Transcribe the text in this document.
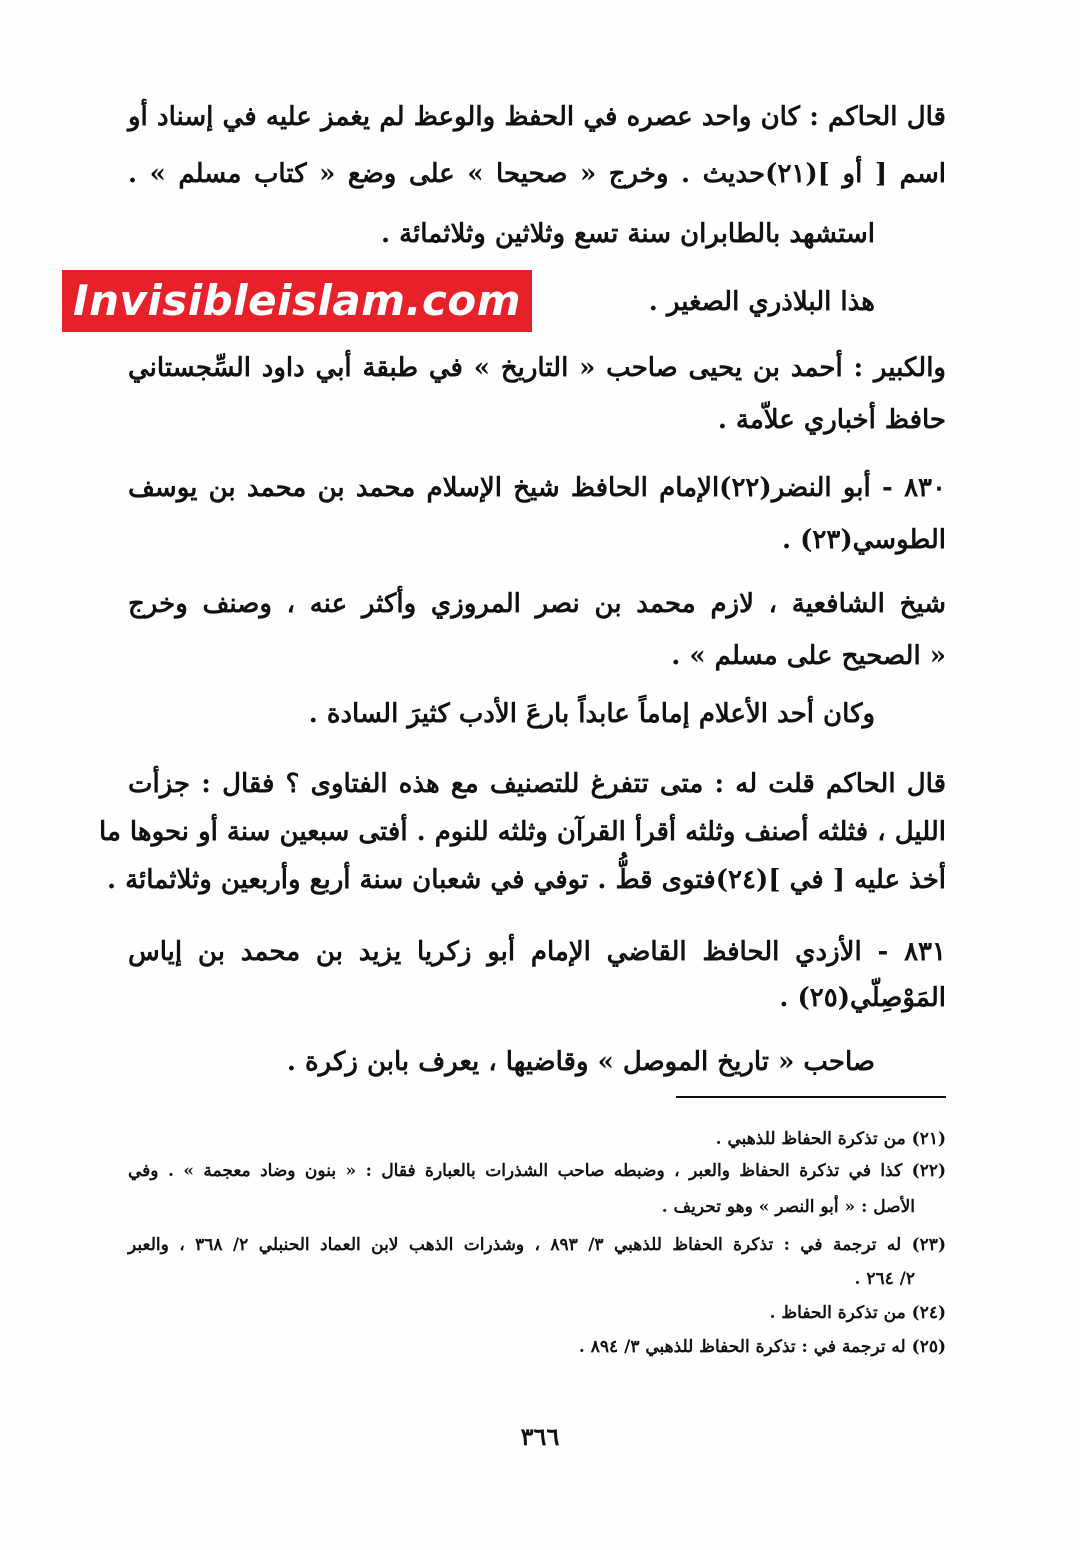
قال الحاكم : كان واحد عصره في الحفظ والوعظ لم يغمز عليه في إسناد أو
اسم [ أو ](٢١)حديث . وخرج « صحيحا » على وضع « كتاب مسلم » .
استشهد بالطابران سنة تسع وثلاثين وثلاثمائة .
هذا البلاذري الصغير .
والكبير : أحمد بن يحيى صاحب « التاريخ » في طبقة أبي داود السِّجستاني
حافظ أخباري علاّمة .
٨٣٠ - أبو النضر(٢٢)الإمام الحافظ شيخ الإسلام محمد بن محمد بن يوسف
الطوسي(٢٣) .
شيخ الشافعية ، لازم محمد بن نصر المروزي وأكثر عنه ، وصنف وخرج
« الصحيح على مسلم » .
وكان أحد الأعلام إماماً عابداً بارعَ الأدب كثيرَ السادة .
قال الحاكم قلت له : متى تتفرغ للتصنيف مع هذه الفتاوى ؟ فقال : جزأت
الليل ، فثلثه أصنف وثلثه أقرأ القرآن وثلثه للنوم . أفتى سبعين سنة أو نحوها ما
أخذ عليه [ في ](٢٤)فتوى قطُّ . توفي في شعبان سنة أربع وأربعين وثلاثمائة .
٨٣١ - الأزدي الحافظ القاضي الإمام أبو زكريا يزيد بن محمد بن إياس
المَوْصِلّي(٢٥) .
صاحب « تاريخ الموصل » وقاضيها ، يعرف بابن زكرة .
(٢١) من تذكرة الحفاظ للذهبي .
(٢٢) كذا في تذكرة الحفاظ والعبر ، وضبطه صاحب الشذرات بالعبارة فقال : « بنون وضاد معجمة » . وفي
الأصل : « أبو النصر » وهو تحريف .
(٢٣) له ترجمة في : تذكرة الحفاظ للذهبي ٣/ ٨٩٣ ، وشذرات الذهب لابن العماد الحنبلي ٢/ ٣٦٨ ، والعبر
٢/ ٢٦٤ .
(٢٤) من تذكرة الحفاظ .
(٢٥) له ترجمة في : تذكرة الحفاظ للذهبي ٣/ ٨٩٤ .
٣٦٦
Invisibleislam.com
